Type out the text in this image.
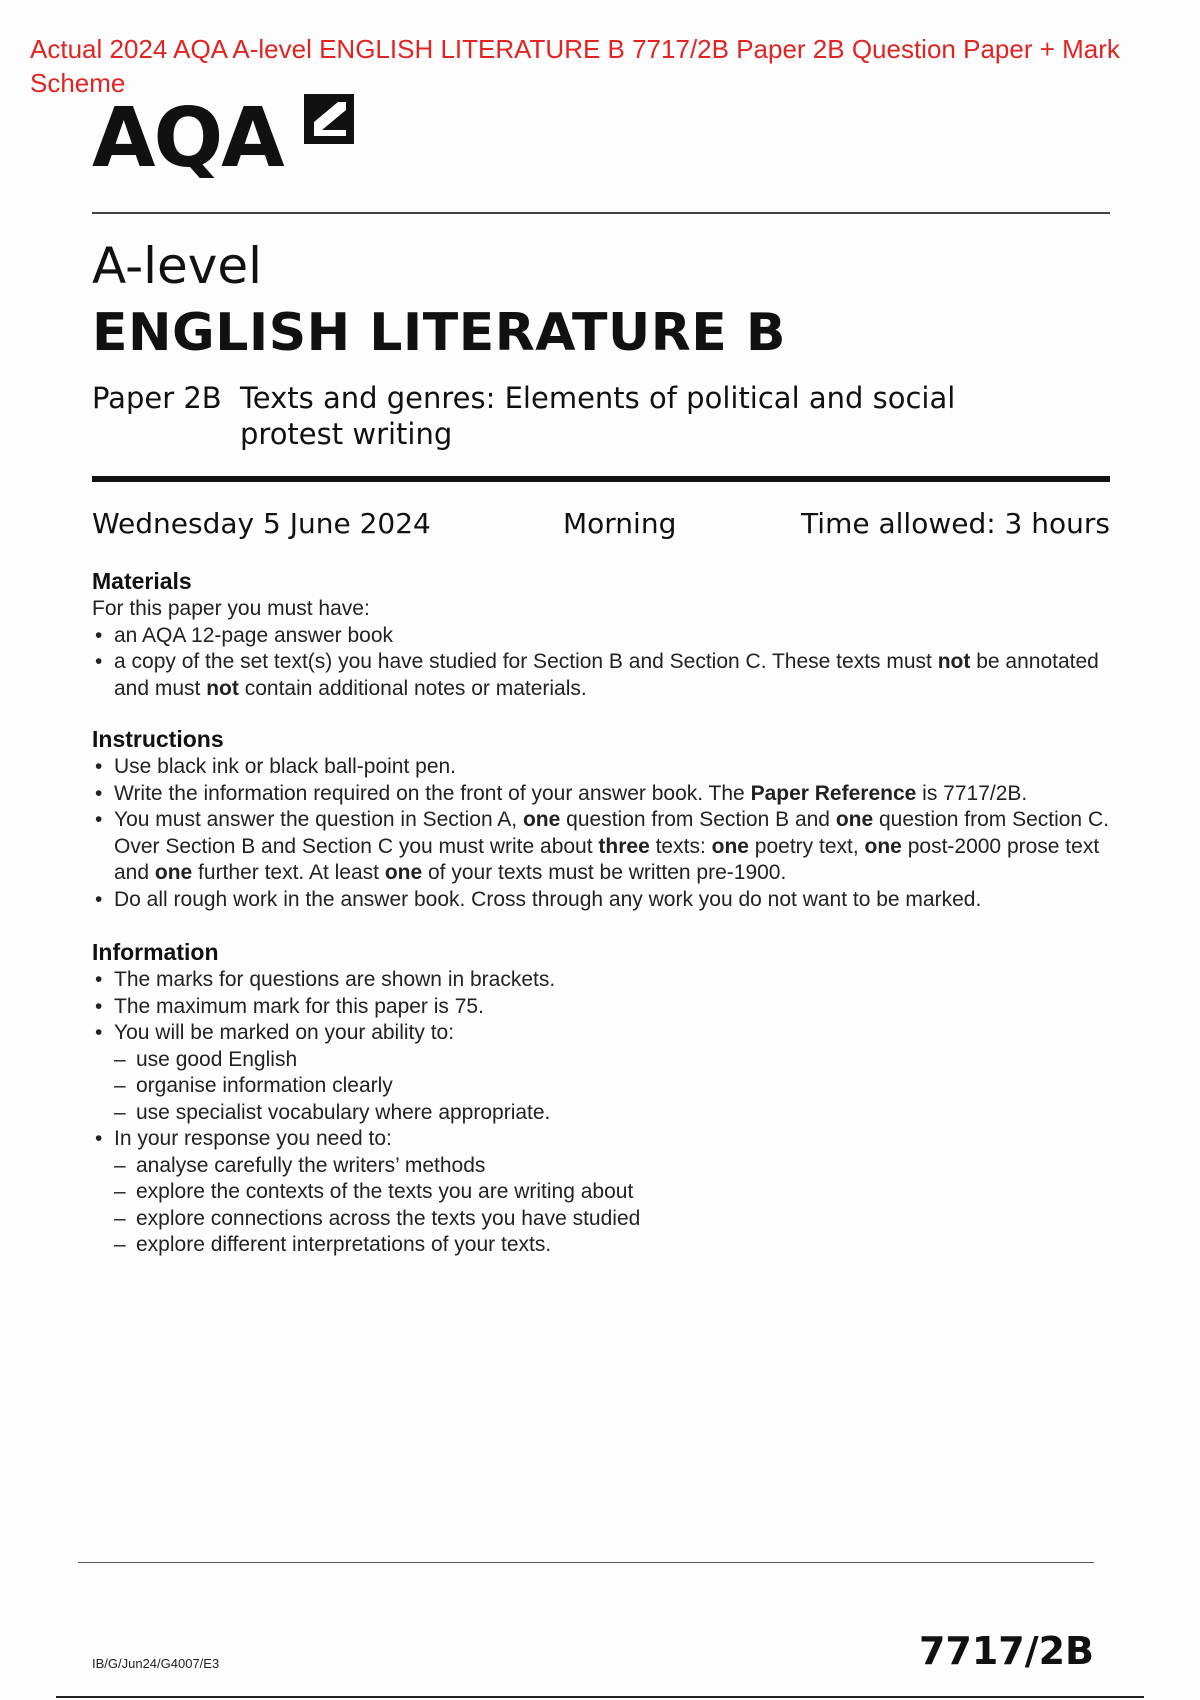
Actual 2024 AQA A-level ENGLISH LITERATURE B 7717/2B Paper 2B Question Paper + Mark Scheme
AQA
A-level
ENGLISH LITERATURE B
Paper 2B Texts and genres: Elements of political and social protest writing
Wednesday 5 June 2024	Morning	Time allowed: 3 hours
Materials

For this paper you must have:

• an AQA 12-page answer book
• a copy of the set text(s) you have studied for Section B and Section C. These texts must not be annotated and must not contain additional notes or materials.
Instructions
• Use black ink or black ball-point pen.
• Write the information required on the front of your answer book. The Paper Reference is 7717/2B.
• You must answer the question in Section A, one question from Section B and one question from Section C. Over Section B and Section C you must write about three texts: one poetry text, one post-2000 prose text and one further text. At least one of your texts must be written pre-1900.
• Do all rough work in the answer book. Cross through any work you do not want to be marked.
Information
• The marks for questions are shown in brackets.
• The maximum mark for this paper is 75.
• You will be marked on your ability to:
– use good English
– organise information clearly
– use specialist vocabulary where appropriate.
• In your response you need to:
– analyse carefully the writers’ methods
– explore the contexts of the texts you are writing about
– explore connections across the texts you have studied
– explore different interpretations of your texts.
IB/G/Jun24/G4007/E3	7717/2B
